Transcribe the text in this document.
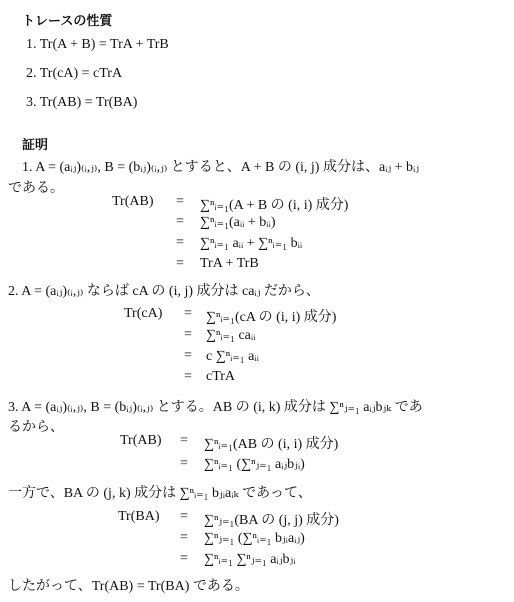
トレースの性質
1. Tr(A + B) = TrA + TrB
2. Tr(cA) = cTrA
3. Tr(AB) = Tr(BA)
証明
1. A = (aᵢⱼ)₍ᵢ,ⱼ₎, B = (bᵢⱼ)₍ᵢ,ⱼ₎ とすると、A + B の (i, j) 成分は、aᵢⱼ + bᵢⱼ
である。
Tr(AB)	=	∑ⁿᵢ₌₁(A + B の (i, i) 成分)
=	∑ⁿᵢ₌₁(aᵢᵢ + bᵢᵢ)
=	∑ⁿᵢ₌₁ aᵢᵢ + ∑ⁿᵢ₌₁ bᵢᵢ
=	TrA + TrB
2. A = (aᵢⱼ)₍ᵢ,ⱼ₎ ならば cA の (i, j) 成分は caᵢⱼ だから、
Tr(cA)	=	∑ⁿᵢ₌₁(cA の (i, i) 成分)
=	∑ⁿᵢ₌₁ caᵢᵢ
=	c ∑ⁿᵢ₌₁ aᵢᵢ
=	cTrA
3. A = (aᵢⱼ)₍ᵢ,ⱼ₎, B = (bᵢⱼ)₍ᵢ,ⱼ₎ とする。AB の (i, k) 成分は ∑ⁿⱼ₌₁ aᵢⱼbⱼₖ であ
るから、
Tr(AB)	=	∑ⁿᵢ₌₁(AB の (i, i) 成分)
=	∑ⁿᵢ₌₁ (∑ⁿⱼ₌₁ aᵢⱼbⱼᵢ)
一方で、BA の (j, k) 成分は ∑ⁿᵢ₌₁ bⱼᵢaᵢₖ であって、
Tr(BA)	=	∑ⁿⱼ₌₁(BA の (j, j) 成分)
=	∑ⁿⱼ₌₁ (∑ⁿᵢ₌₁ bⱼᵢaᵢⱼ)
=	∑ⁿᵢ₌₁ ∑ⁿⱼ₌₁ aᵢⱼbⱼᵢ
したがって、Tr(AB) = Tr(BA) である。
